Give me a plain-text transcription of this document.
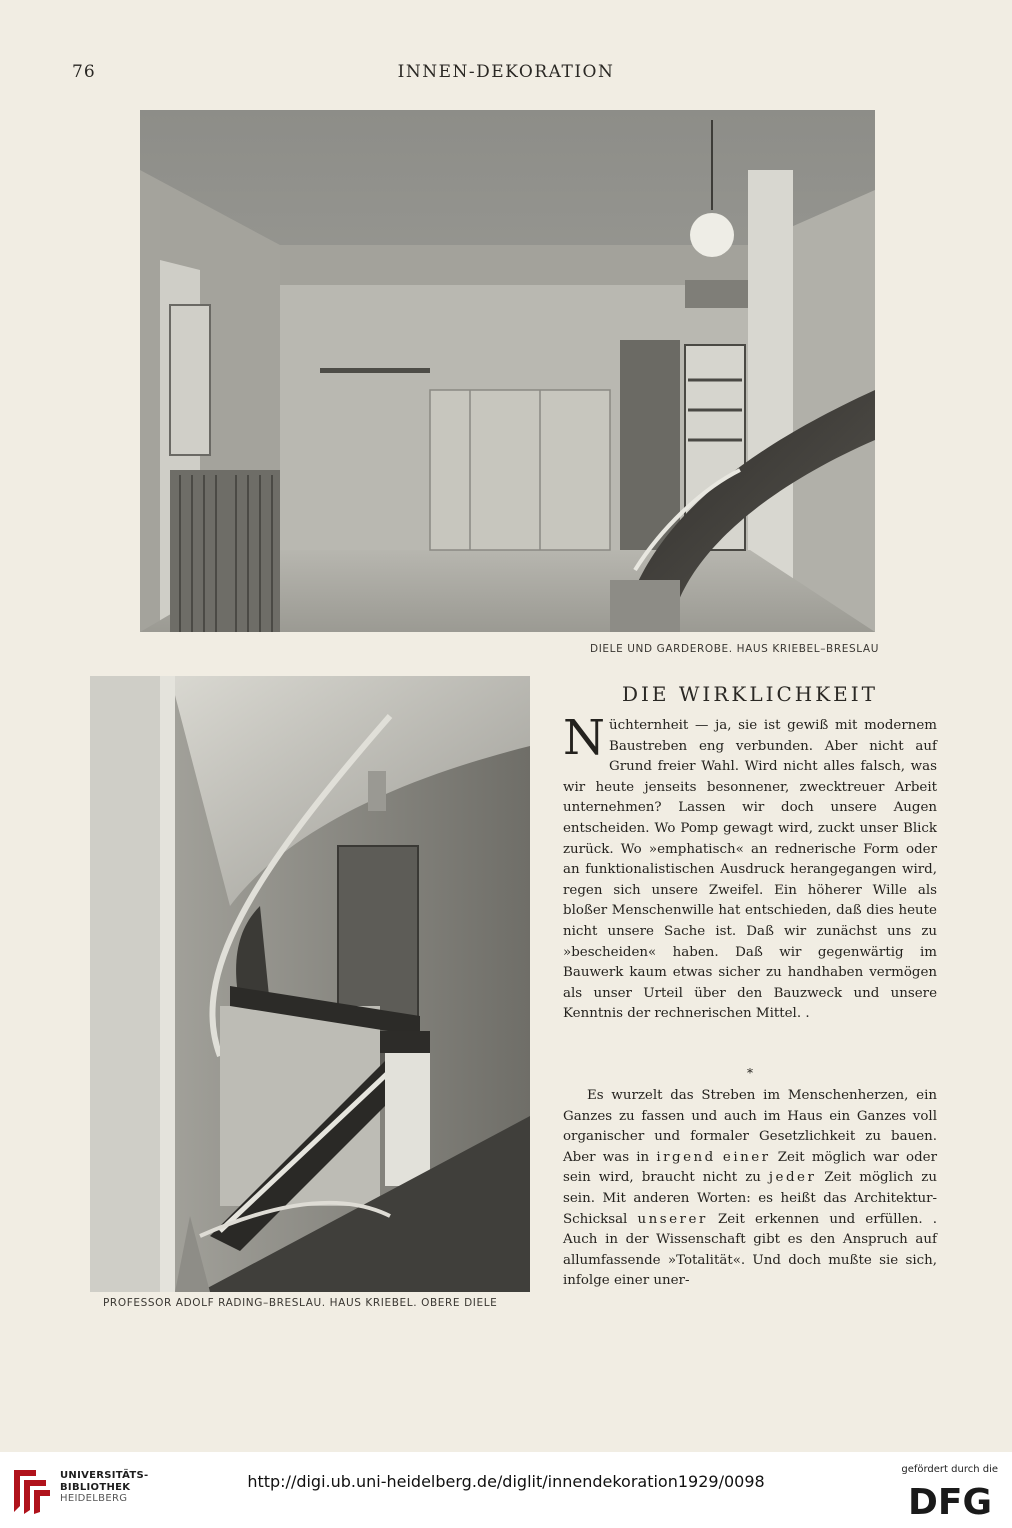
76	INNEN-DEKORATION
DIELE UND GARDEROBE. HAUS KRIEBEL–BRESLAU
PROFESSOR ADOLF RADING–BRESLAU. HAUS KRIEBEL. OBERE DIELE
DIE WIRKLICHKEIT
Nüchternheit — ja, sie ist gewiß mit modernem Baustreben eng verbunden. Aber nicht auf Grund freier Wahl. Wird nicht alles falsch, was wir heute jenseits besonnener, zwecktreuer Arbeit unternehmen? Lassen wir doch unsere Augen entscheiden. Wo Pomp gewagt wird, zuckt unser Blick zurück. Wo »emphatisch« an rednerische Form oder an funktionalistischen Ausdruck herangegangen wird, regen sich unsere Zweifel. Ein höherer Wille als bloßer Menschenwille hat entschieden, daß dies heute nicht unsere Sache ist. Daß wir zunächst uns zu »bescheiden« haben. Daß wir gegenwärtig im Bauwerk kaum etwas sicher zu handhaben vermögen als unser Urteil über den Bauzweck und unsere Kenntnis der rechnerischen Mittel. .
*
Es wurzelt das Streben im Menschenherzen, ein Ganzes zu fassen und auch im Haus ein Ganzes voll organischer und formaler Gesetzlichkeit zu bauen. Aber was in irgend einer Zeit möglich war oder sein wird, braucht nicht zu jeder Zeit möglich zu sein. Mit anderen Worten: es heißt das Architektur-Schicksal unserer Zeit erkennen und erfüllen. . Auch in der Wissenschaft gibt es den Anspruch auf allumfassende »Totalität«. Und doch mußte sie sich, infolge einer uner-
UNIVERSITÄTS-
BIBLIOTHEK
HEIDELBERG
http://digi.ub.uni-heidelberg.de/diglit/innendekoration1929/0098
gefördert durch die
DFG
